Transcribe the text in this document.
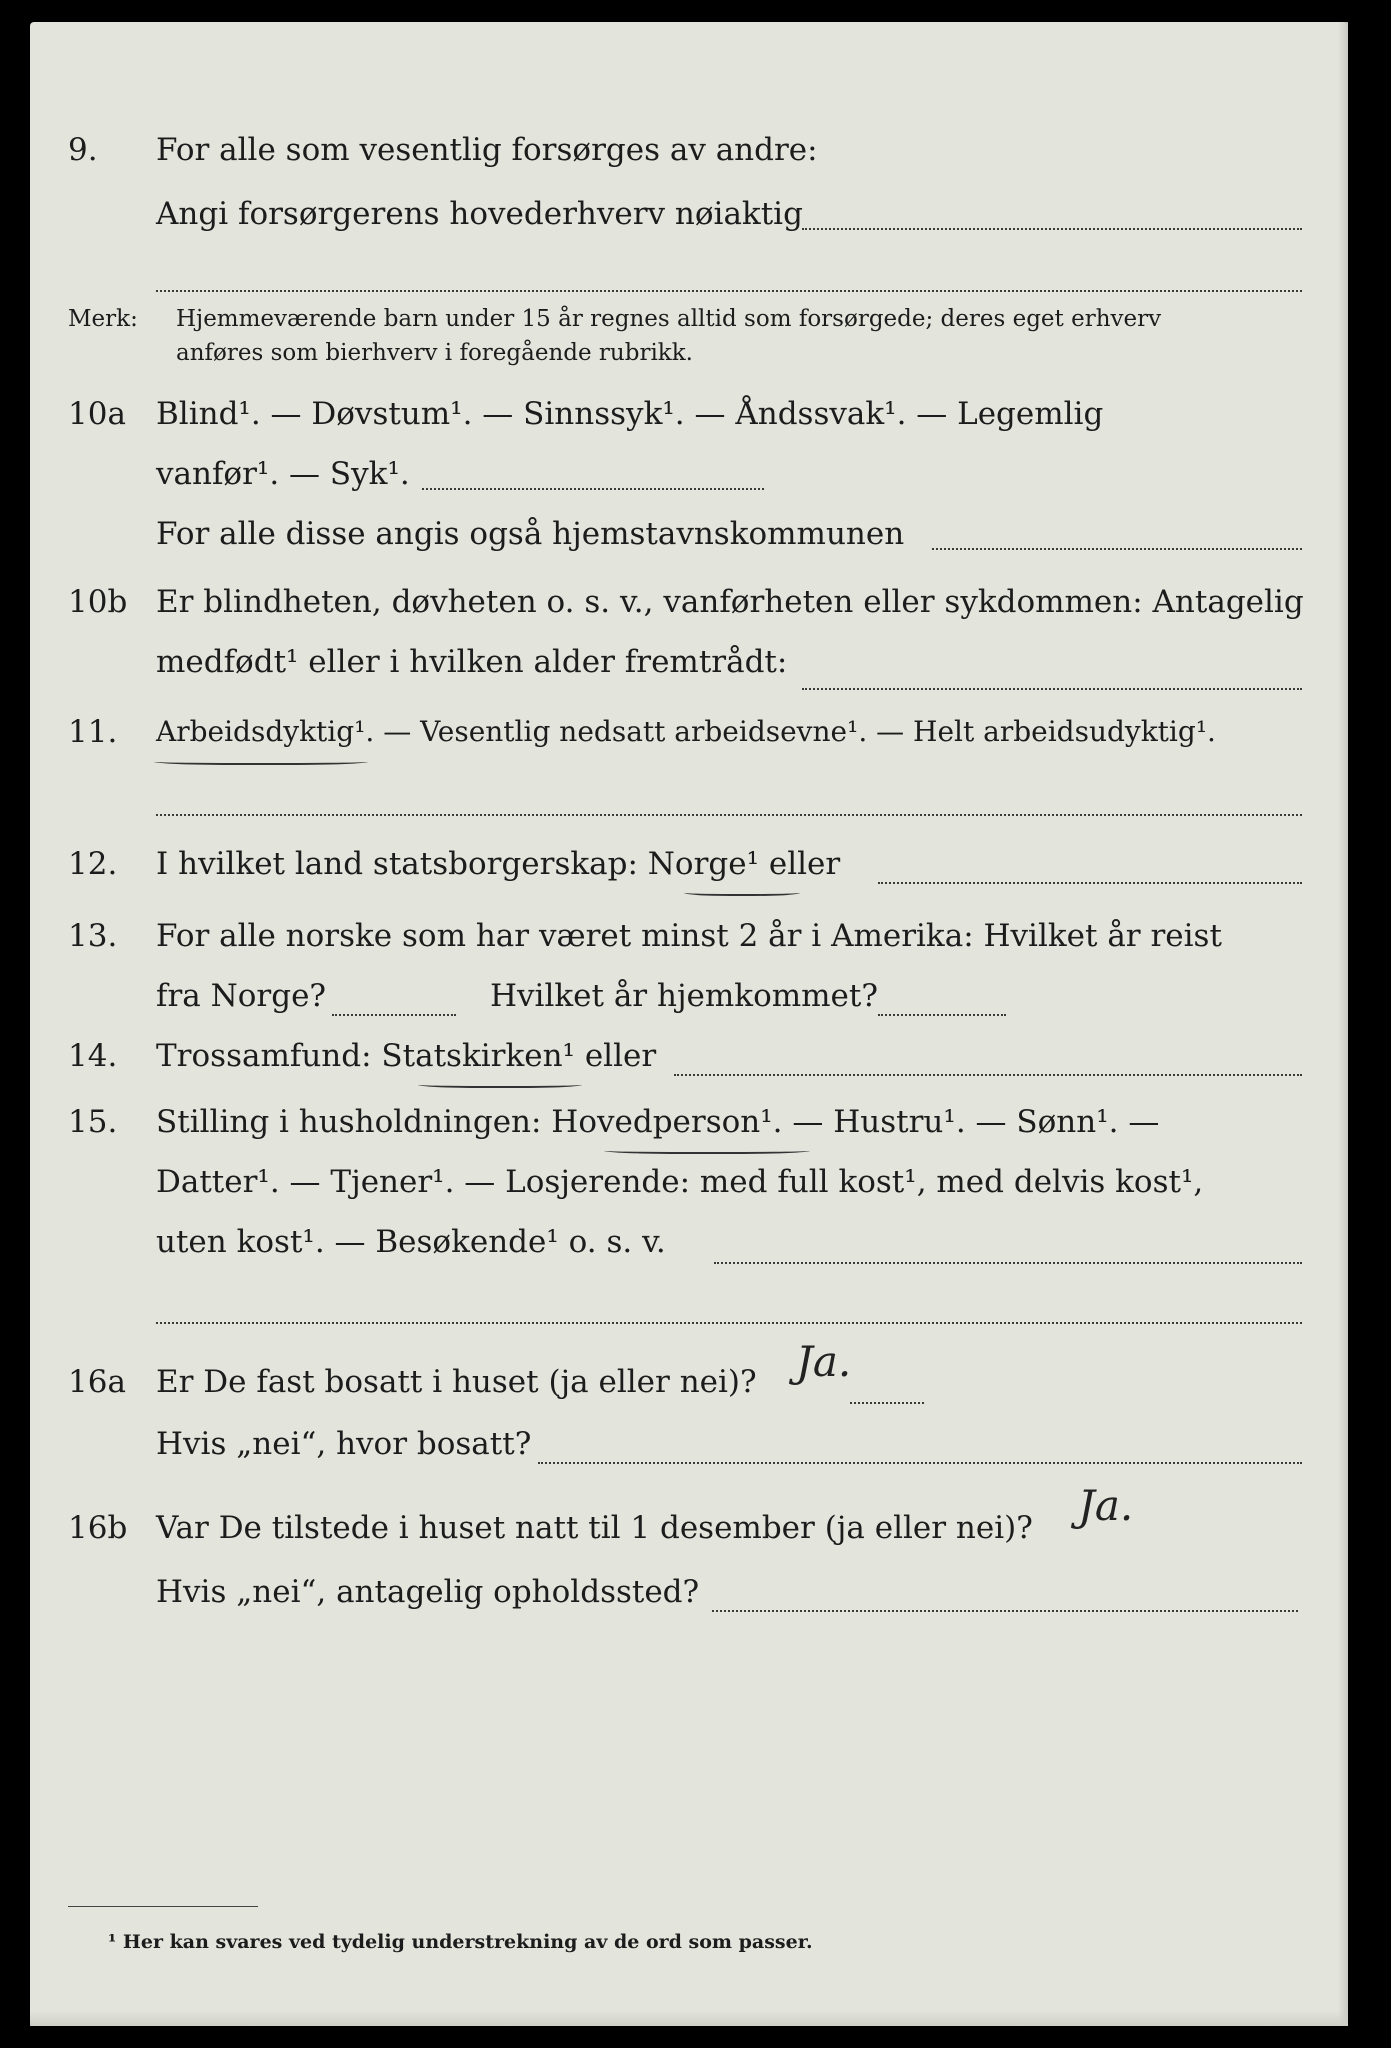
9. For alle som vesentlig forsørges av andre:
Angi forsørgerens hovederhverv nøiaktig
Merk: Hjemmeværende barn under 15 år regnes alltid som forsørgede; deres eget erhverv
anføres som bierhverv i foregående rubrikk.
10a Blind¹. — Døvstum¹. — Sinnssyk¹. — Åndssvak¹. — Legemlig
vanfør¹. — Syk¹.
For alle disse angis også hjemstavnskommunen
10b Er blindheten, døvheten o. s. v., vanførheten eller sykdommen: Antagelig
medfødt¹ eller i hvilken alder fremtrådt:
11. Arbeidsdyktig¹. — Vesentlig nedsatt arbeidsevne¹. — Helt arbeidsudyktig¹.
12. I hvilket land statsborgerskap: Norge¹ eller
13. For alle norske som har været minst 2 år i Amerika: Hvilket år reist
fra Norge?	Hvilket år hjemkommet?
14. Trossamfund: Statskirken¹ eller
15. Stilling i husholdningen: Hovedperson¹. — Hustru¹. — Sønn¹. —
Datter¹. — Tjener¹. — Losjerende: med full kost¹, med delvis kost¹,
uten kost¹. — Besøkende¹ o. s. v.
16a Er De fast bosatt i huset (ja eller nei)? Ja.
Hvis „nei“, hvor bosatt?
16b Var De tilstede i huset natt til 1 desember (ja eller nei)? Ja.
Hvis „nei“, antagelig opholdssted?
¹ Her kan svares ved tydelig understrekning av de ord som passer.
